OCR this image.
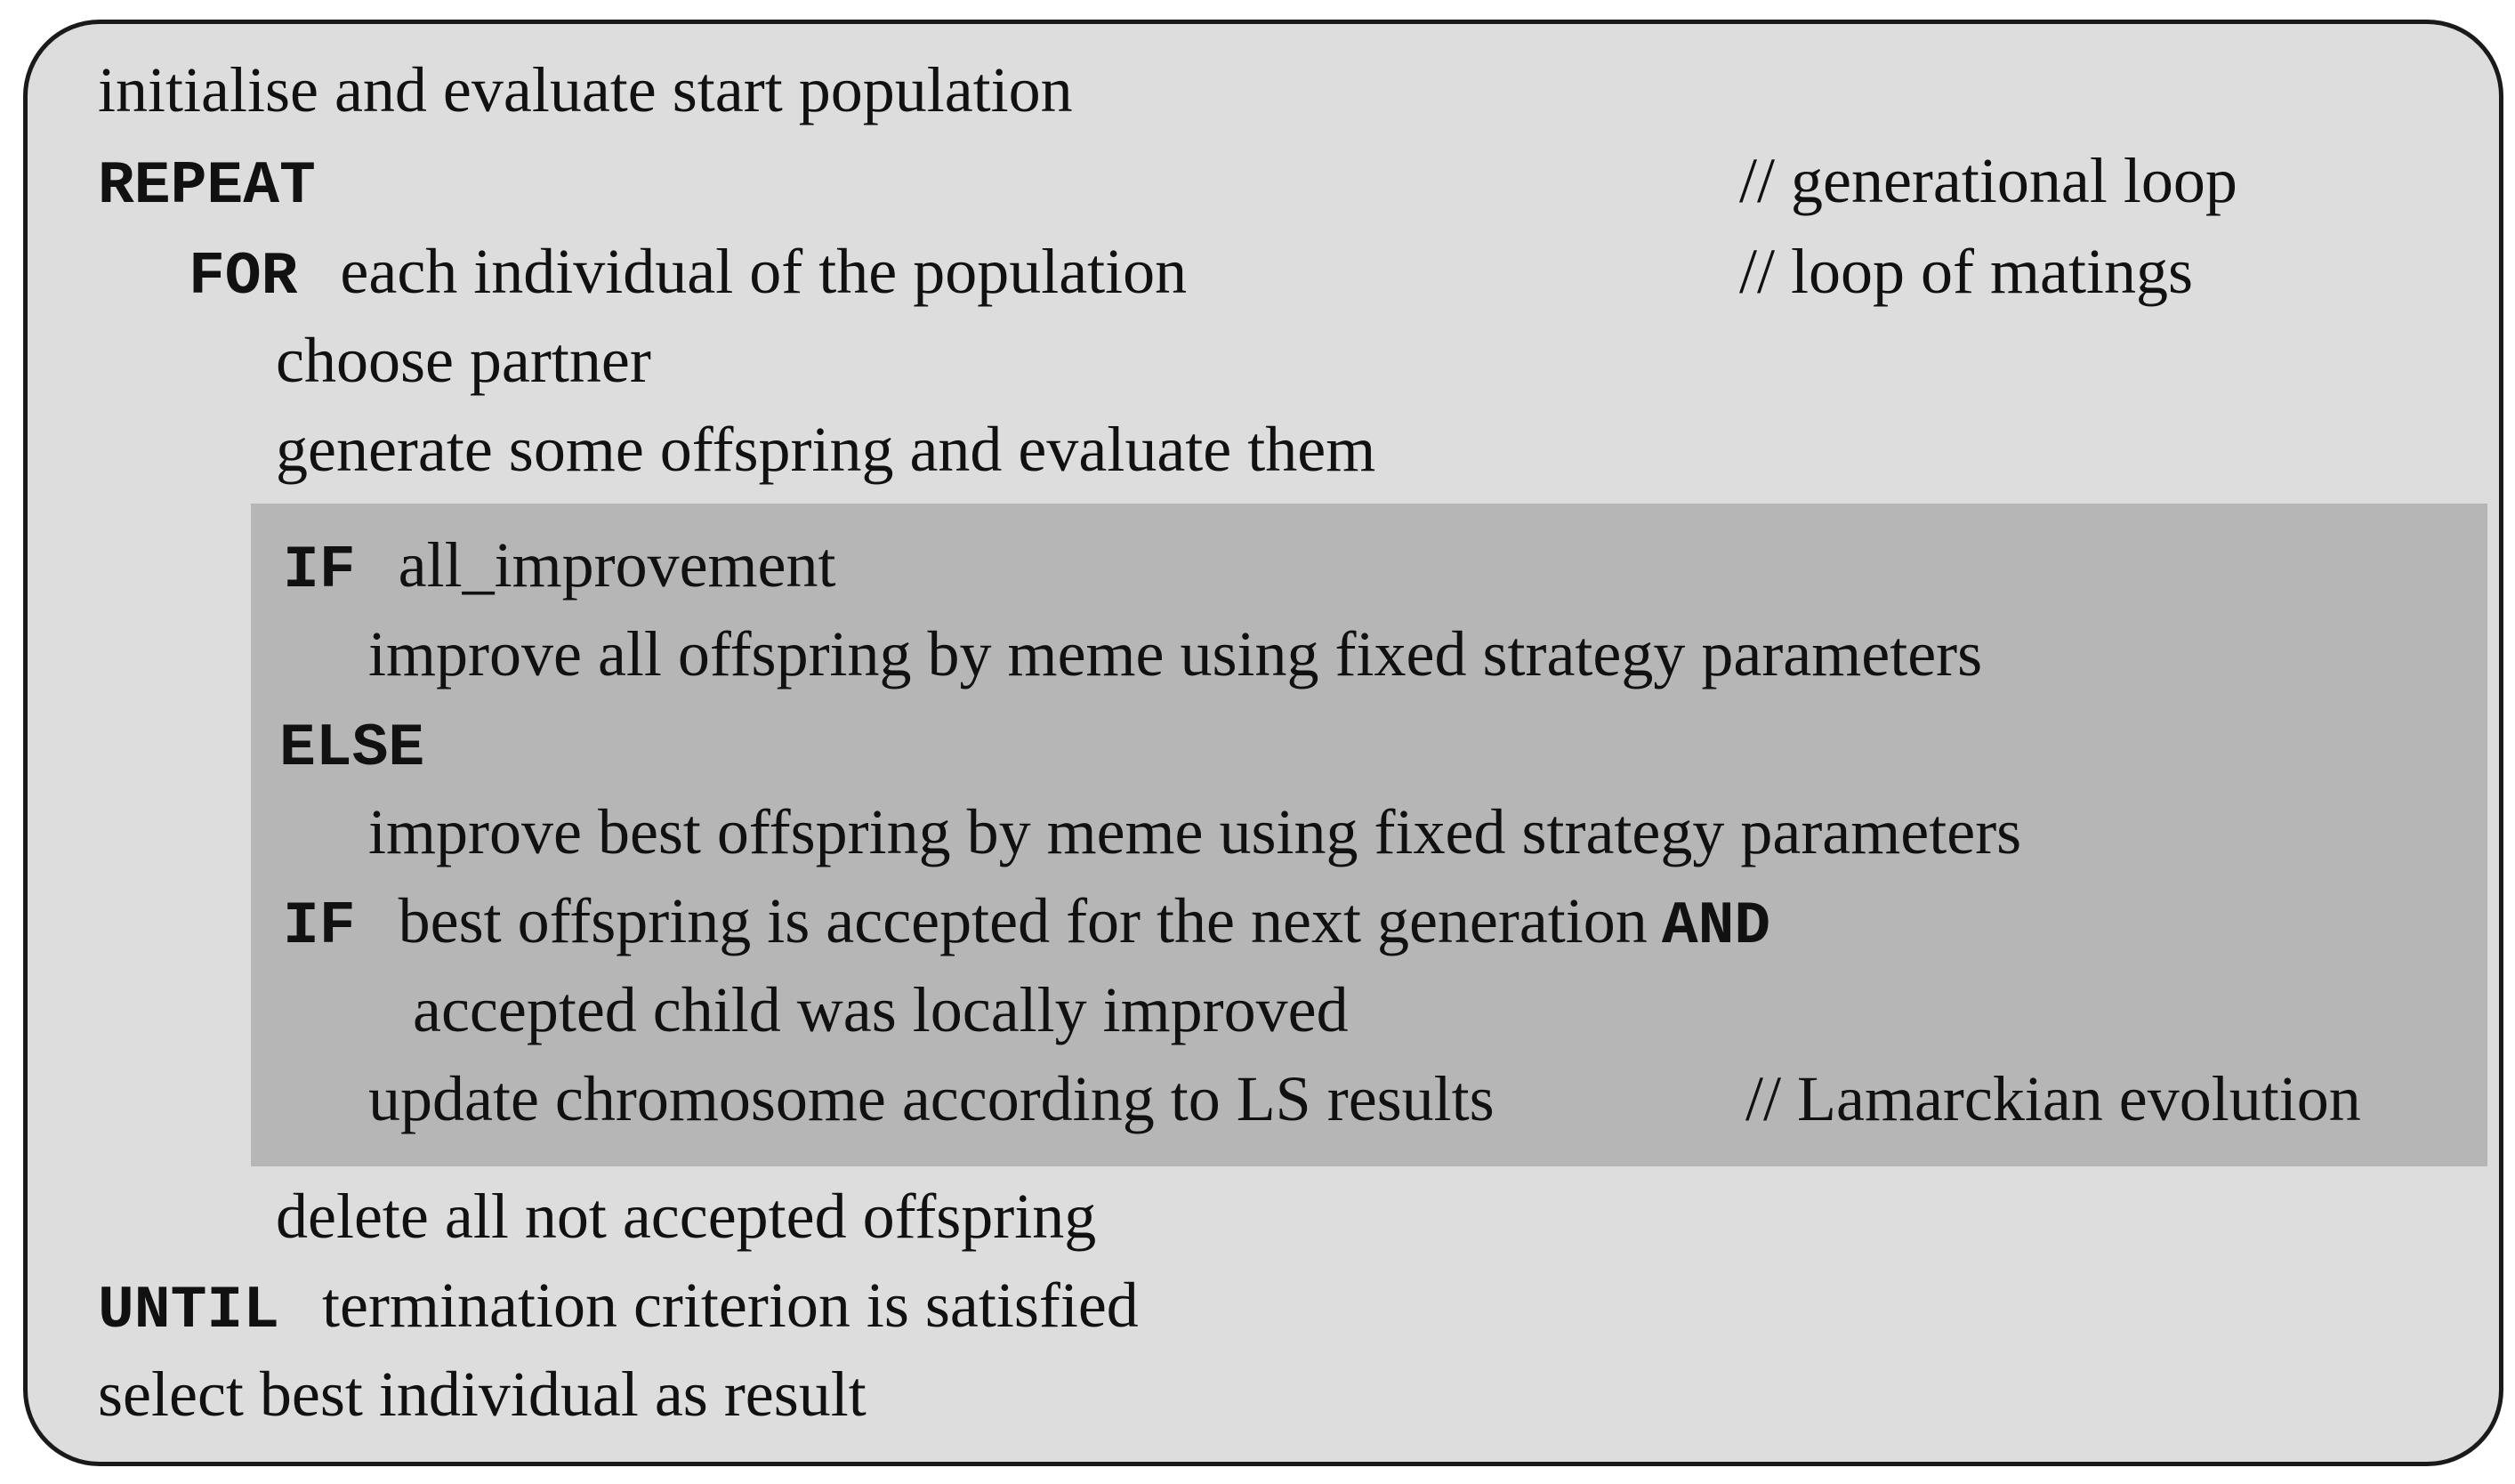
initialise and evaluate start population
REPEAT	// generational loop
FOR each individual of the population	// loop of matings
choose partner
generate some offspring and evaluate them
IF all_improvement
improve all offspring by meme using fixed strategy parameters
ELSE
improve best offspring by meme using fixed strategy parameters
IF best offspring is accepted for the next generation AND
accepted child was locally improved
update chromosome according to LS results	// Lamarckian evolution
delete all not accepted offspring
UNTIL termination criterion is satisfied
select best individual as result
